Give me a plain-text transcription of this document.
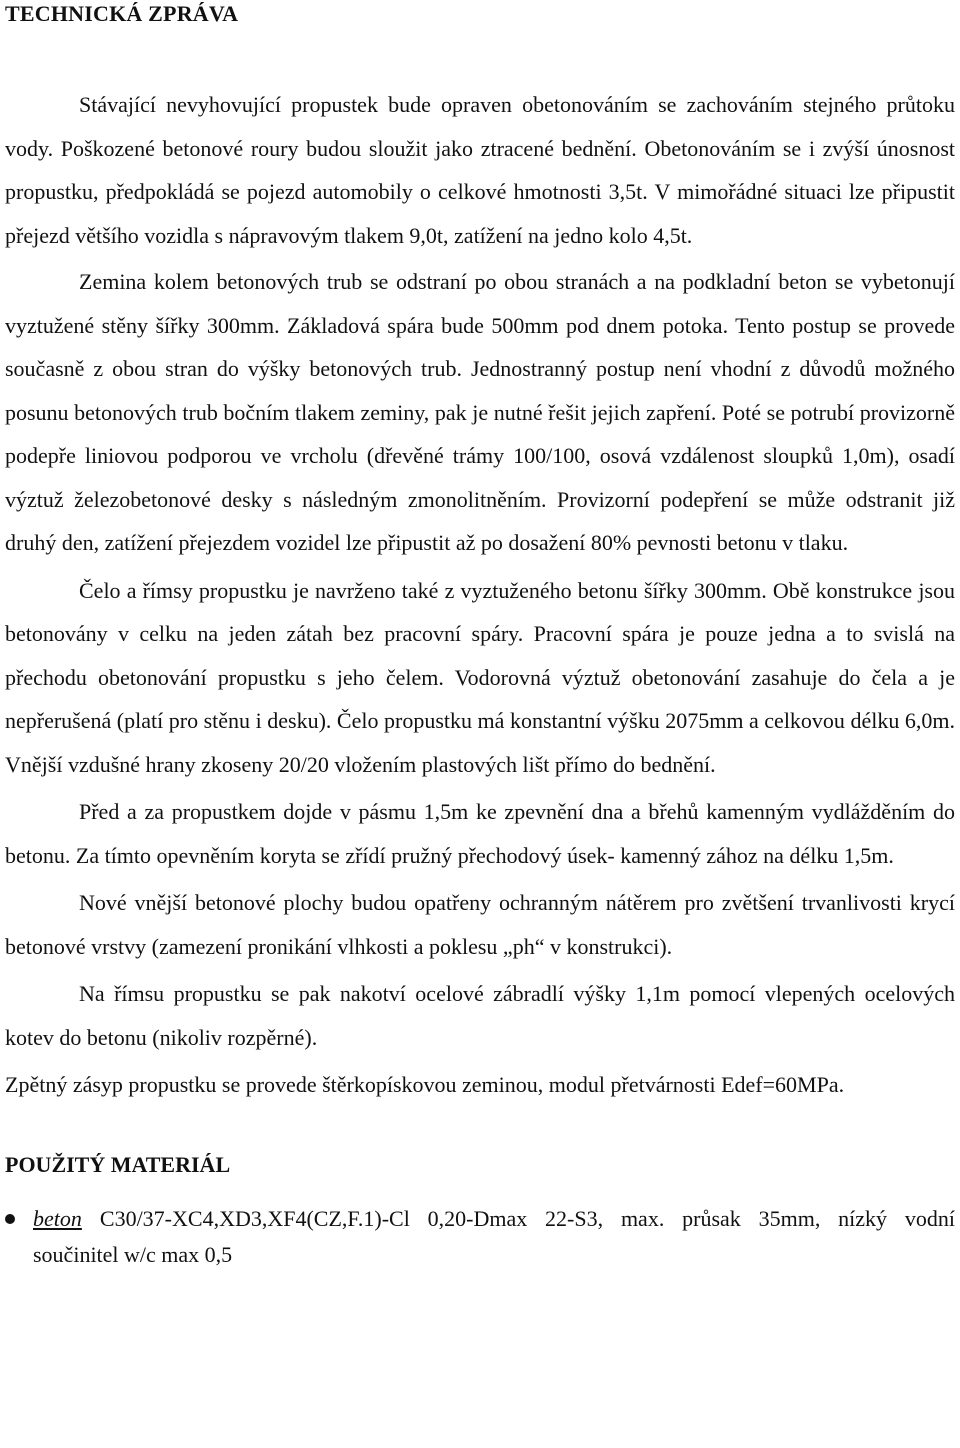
TECHNICKÁ ZPRÁVA

Stávající nevyhovující propustek bude opraven obetonováním se zachováním stejného průtoku vody. Poškozené betonové roury budou sloužit jako ztracené bednění. Obetonováním se i zvýší únosnost propustku, předpokládá se pojezd automobily o celkové hmotnosti 3,5t. V mimořádné situaci lze připustit přejezd většího vozidla s nápravovým tlakem 9,0t, zatížení na jedno kolo 4,5t.

Zemina kolem betonových trub se odstraní po obou stranách a na podkladní beton se vybetonují vyztužené stěny šířky 300mm. Základová spára bude 500mm pod dnem potoka. Tento postup se provede současně z obou stran do výšky betonových trub. Jednostranný postup není vhodní z důvodů možného posunu betonových trub bočním tlakem zeminy, pak je nutné řešit jejich zapření. Poté se potrubí provizorně podepře liniovou podporou ve vrcholu (dřevěné trámy 100/100, osová vzdálenost sloupků 1,0m), osadí výztuž železobetonové desky s následným zmonolitněním. Provizorní podepření se může odstranit již druhý den, zatížení přejezdem vozidel lze připustit až po dosažení 80% pevnosti betonu v tlaku.

Čelo a římsy propustku je navrženo také z vyztuženého betonu šířky 300mm. Obě konstrukce jsou betonovány v celku na jeden zátah bez pracovní spáry. Pracovní spára je pouze jedna a to svislá na přechodu obetonování propustku s jeho čelem. Vodorovná výztuž obetonování zasahuje do čela a je nepřerušená (platí pro stěnu i desku). Čelo propustku má konstantní výšku 2075mm a celkovou délku 6,0m. Vnější vzdušné hrany zkoseny 20/20 vložením plastových lišt přímo do bednění.

Před a za propustkem dojde v pásmu 1,5m ke zpevnění dna a břehů kamenným vydlážděním do betonu. Za tímto opevněním koryta se zřídí pružný přechodový úsek- kamenný zához na délku 1,5m.

Nové vnější betonové plochy budou opatřeny ochranným nátěrem pro zvětšení trvanlivosti krycí betonové vrstvy (zamezení pronikání vlhkosti a poklesu „ph“ v konstrukci).

Na římsu propustku se pak nakotví ocelové zábradlí výšky 1,1m pomocí vlepených ocelových kotev do betonu (nikoliv rozpěrné).

Zpětný zásyp propustku se provede štěrkopískovou zeminou, modul přetvárnosti Edef=60MPa.

POUŽITÝ MATERIÁL
beton C30/37-XC4,XD3,XF4(CZ,F.1)-Cl 0,20-Dmax 22-S3, max. průsak 35mm, nízký vodní součinitel w/c max 0,5
